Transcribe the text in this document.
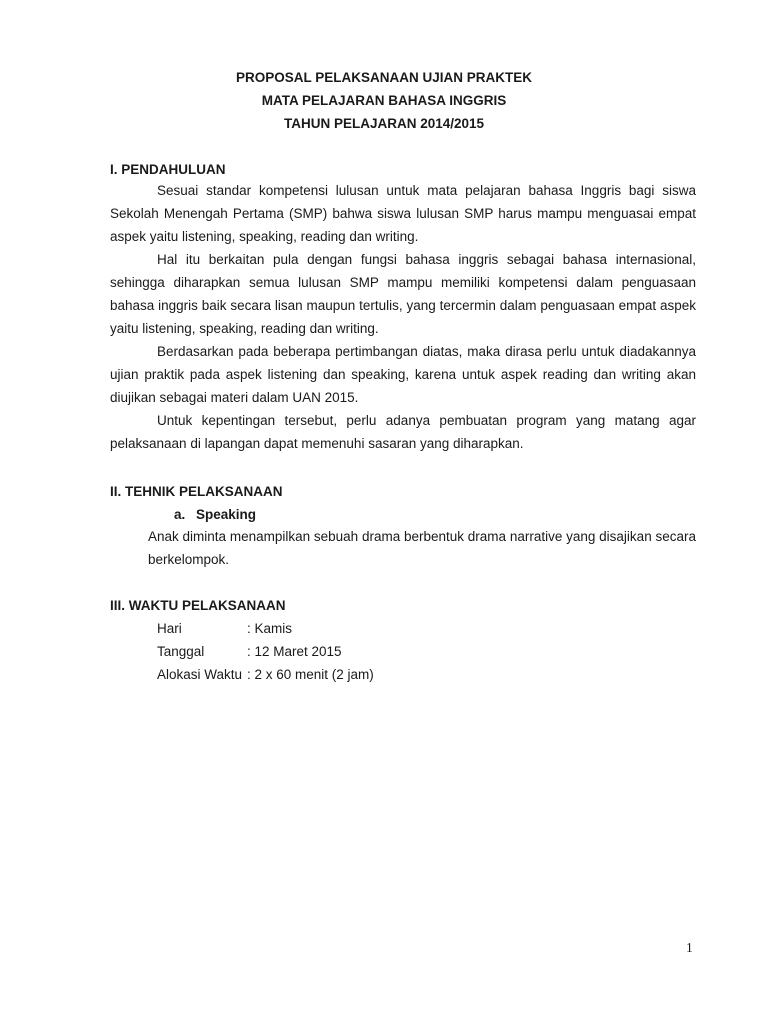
PROPOSAL PELAKSANAAN UJIAN PRAKTEK
MATA PELAJARAN BAHASA INGGRIS
TAHUN PELAJARAN 2014/2015
I. PENDAHULUAN

Sesuai standar kompetensi lulusan untuk mata pelajaran bahasa Inggris bagi siswa Sekolah Menengah Pertama (SMP) bahwa siswa lulusan SMP harus mampu menguasai empat aspek yaitu listening, speaking, reading dan writing.

Hal itu berkaitan pula dengan fungsi bahasa inggris sebagai bahasa internasional, sehingga diharapkan semua lulusan SMP mampu memiliki kompetensi dalam penguasaan bahasa inggris baik secara lisan maupun tertulis, yang tercermin dalam penguasaan empat aspek yaitu listening, speaking, reading dan writing.

Berdasarkan pada beberapa pertimbangan diatas, maka dirasa perlu untuk diadakannya ujian praktik pada aspek listening dan speaking, karena untuk aspek reading dan writing akan diujikan sebagai materi dalam UAN 2015.

Untuk kepentingan tersebut, perlu adanya pembuatan program yang matang agar pelaksanaan di lapangan dapat memenuhi sasaran yang diharapkan.

II. TEHNIK PELAKSANAAN
a. Speaking

Anak diminta menampilkan sebuah drama berbentuk drama narrative yang disajikan secara berkelompok.

III. WAKTU PELAKSANAAN
Hari	: Kamis
Tanggal	: 12 Maret 2015
Alokasi Waktu : 2 x 60 menit (2 jam)
1
